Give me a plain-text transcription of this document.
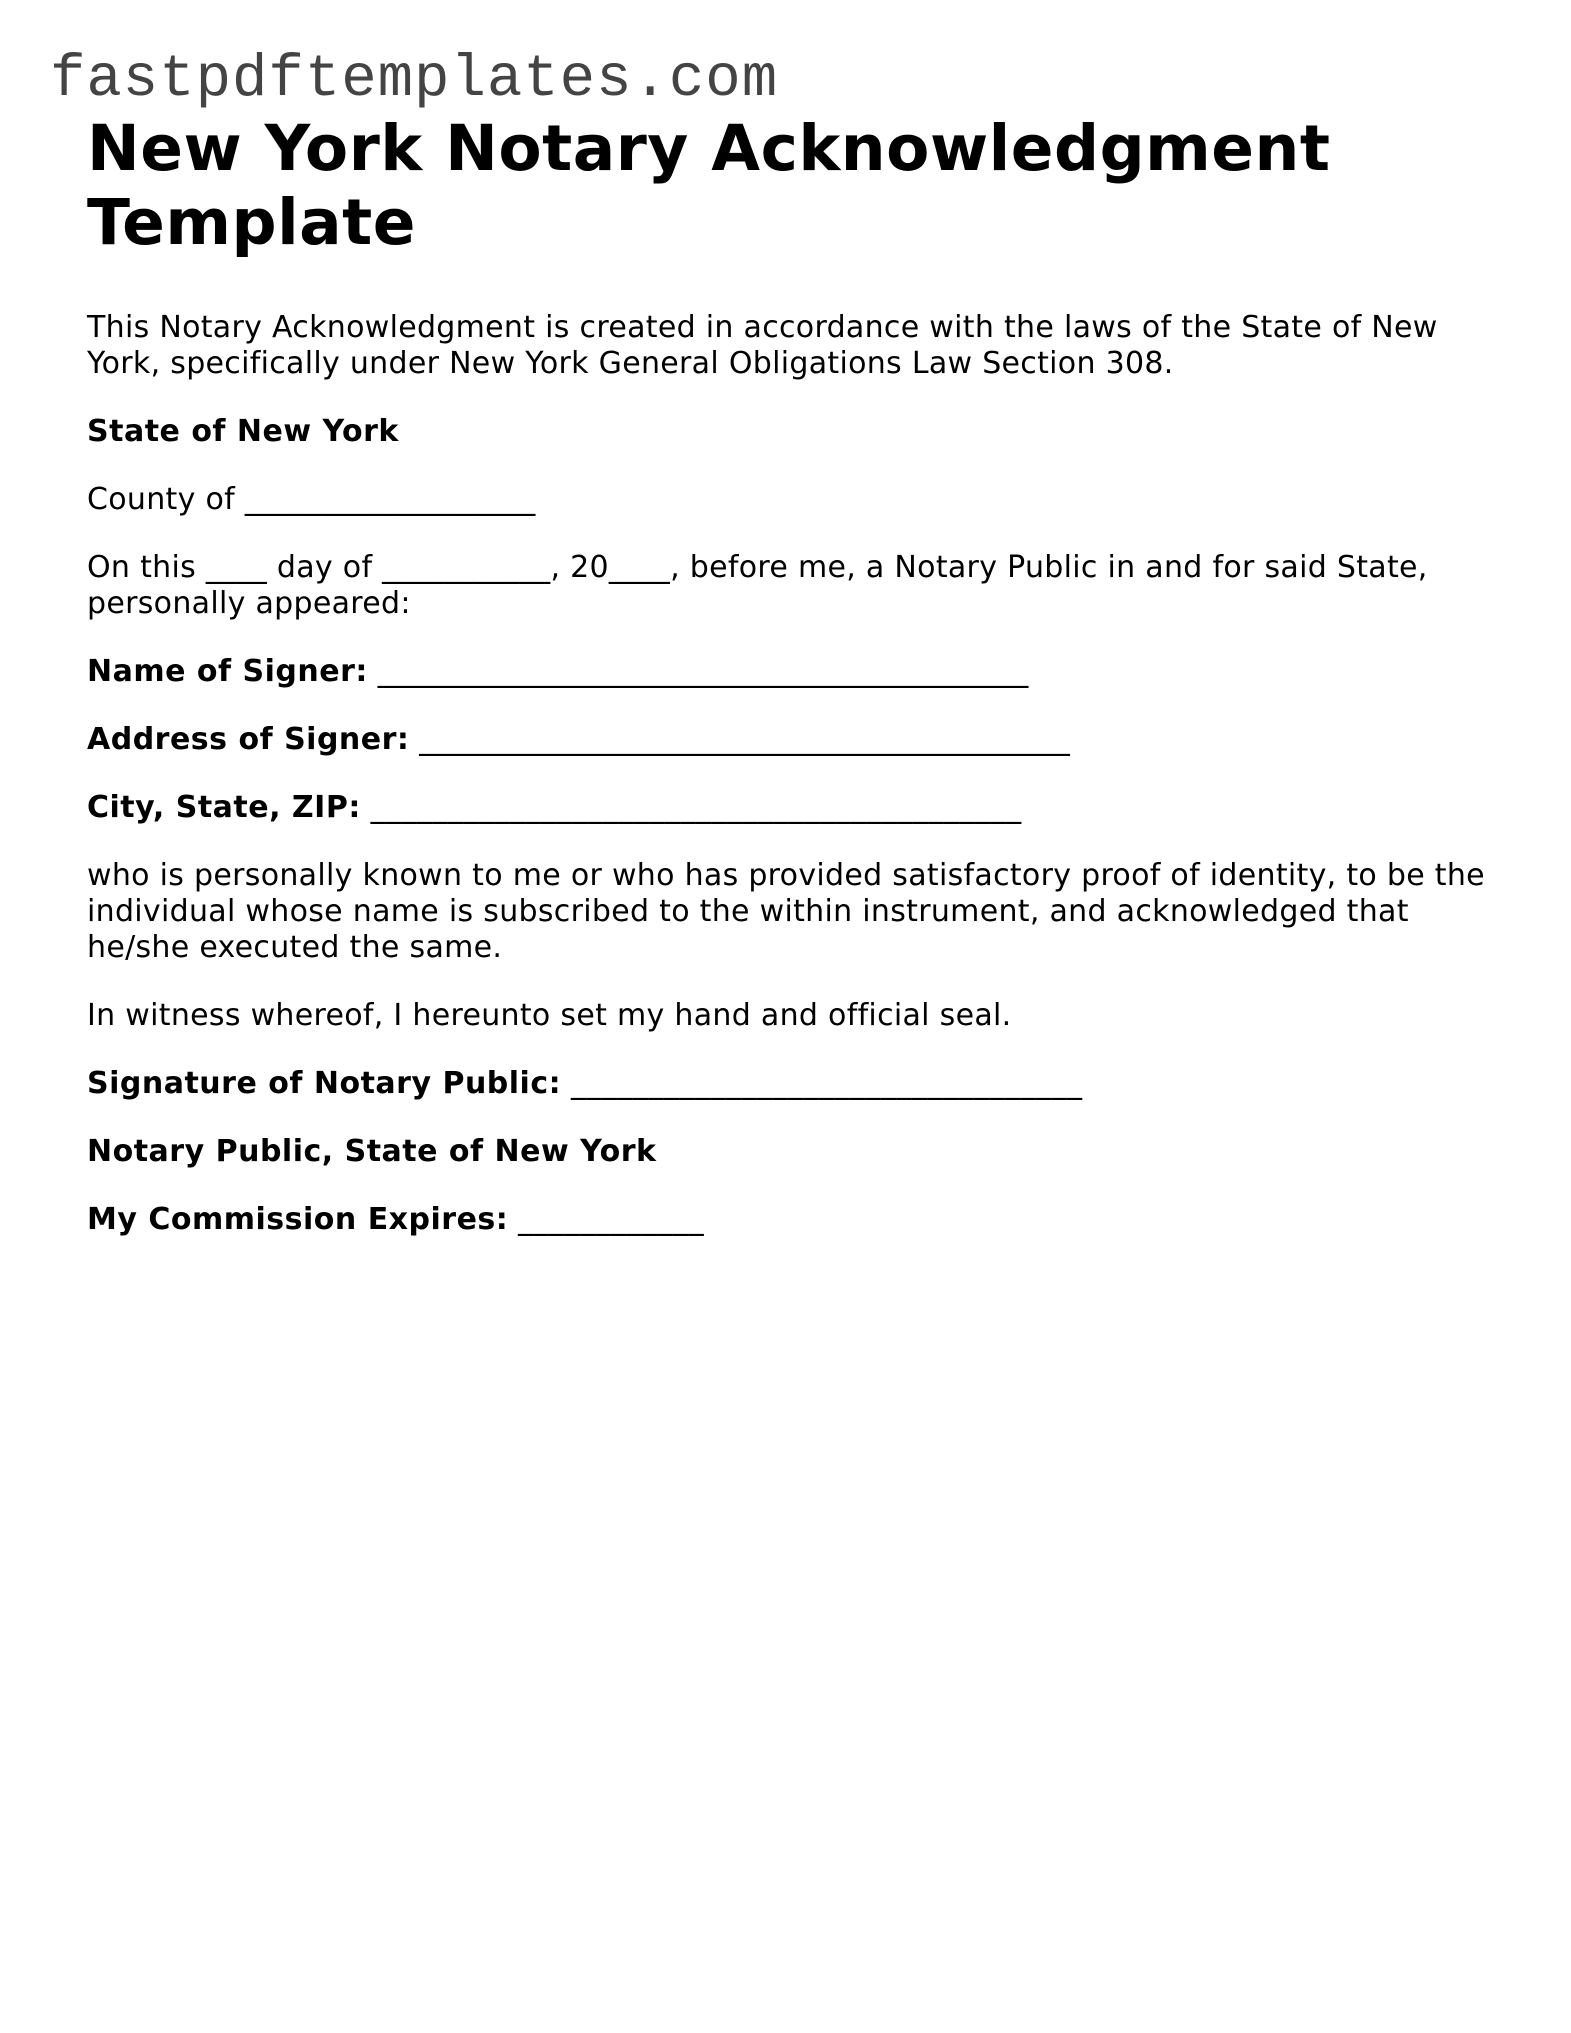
fastpdftemplates.com
New York Notary Acknowledgment Template

This Notary Acknowledgment is created in accordance with the laws of the State of New York, specifically under New York General Obligations Law Section 308.

State of New York

County of ___________________

On this ____ day of ___________, 20____, before me, a Notary Public in and for said State, personally appeared:

Name of Signer: __________________________________________

Address of Signer: __________________________________________

City, State, ZIP: __________________________________________

who is personally known to me or who has provided satisfactory proof of identity, to be the individual whose name is subscribed to the within instrument, and acknowledged that he/she executed the same.

In witness whereof, I hereunto set my hand and official seal.

Signature of Notary Public: _________________________________

Notary Public, State of New York

My Commission Expires: ____________
